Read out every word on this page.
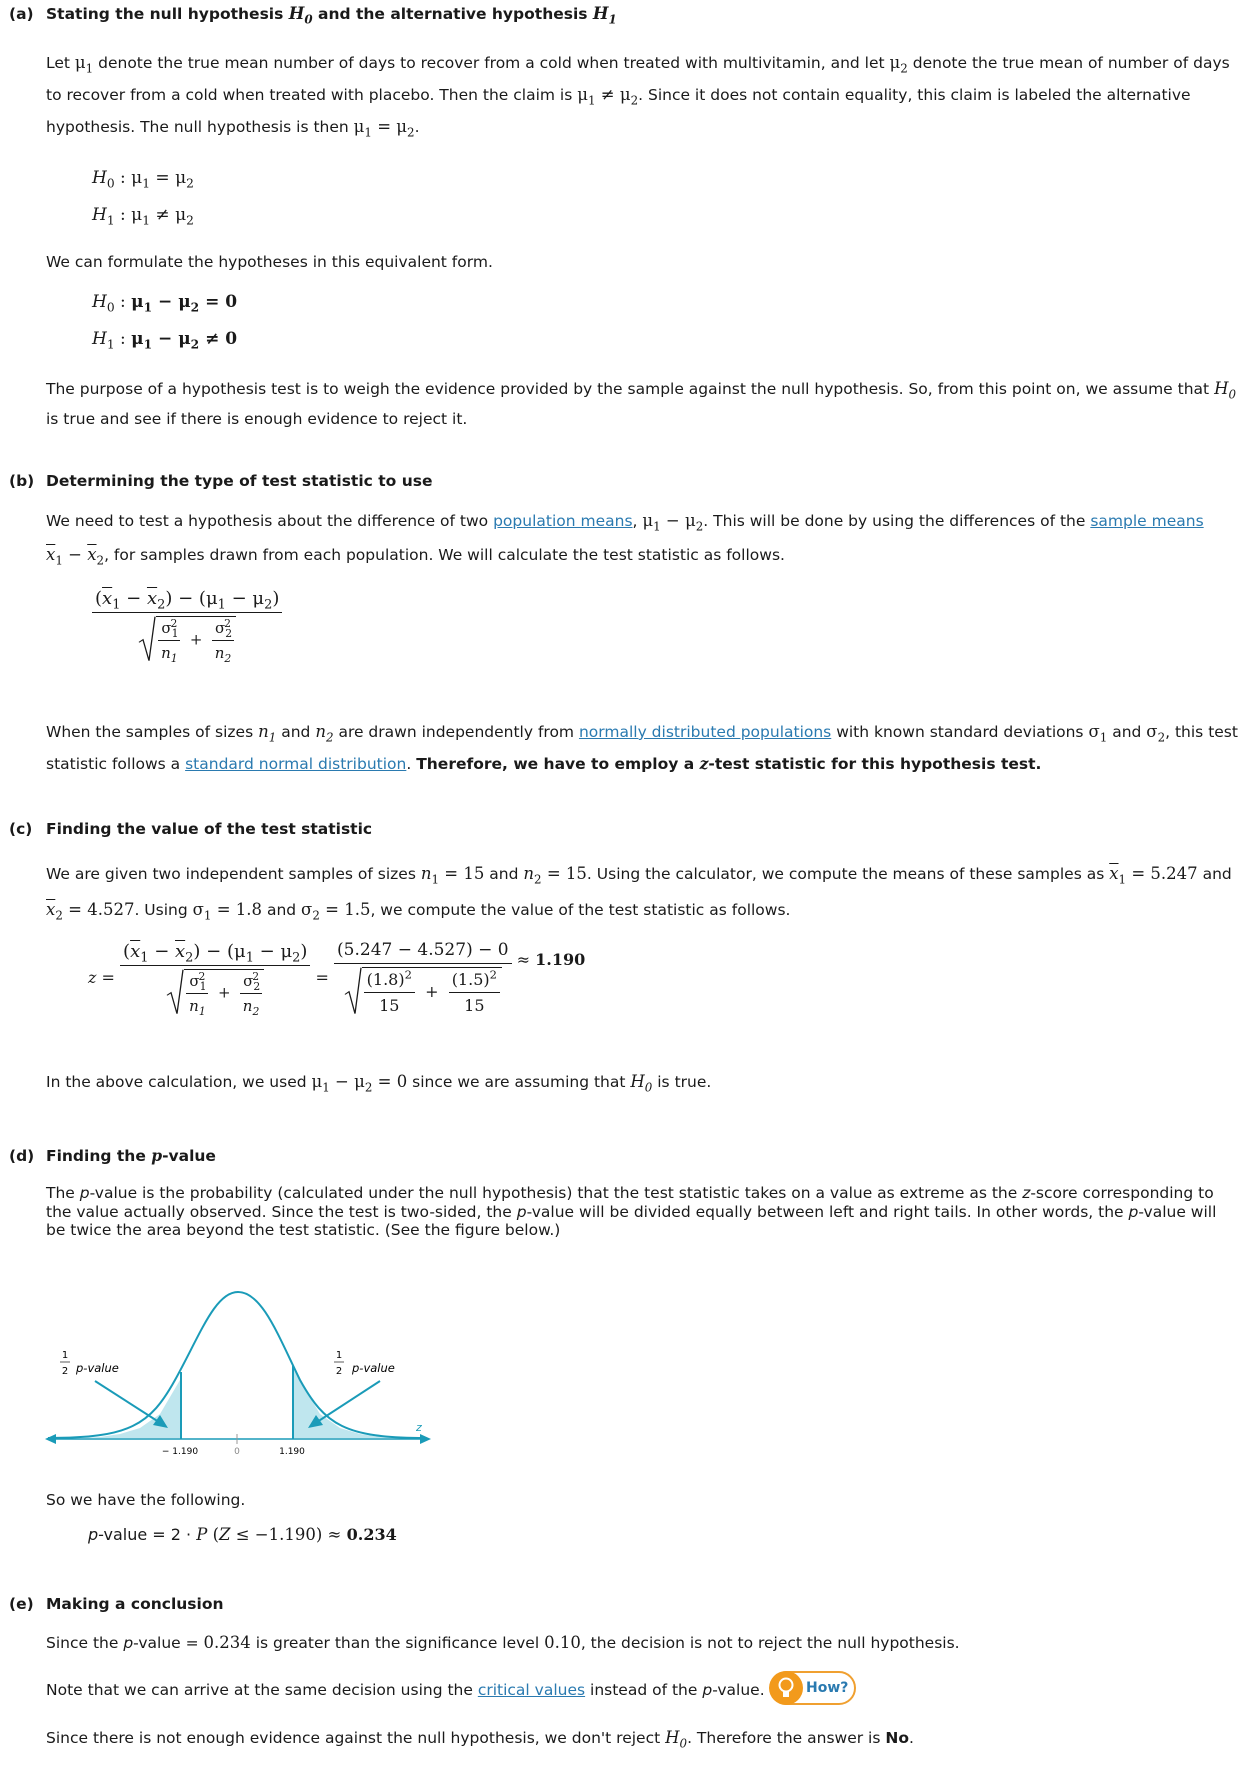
(a) Stating the null hypothesis $H_0$ and the alternative hypothesis $H_1$
Let $\mu_1$ denote the true mean number of days to recover from a cold when treated with multivitamin, and let $\mu_2$ denote the true mean of number of days to recover from a cold when treated with placebo. Then the claim is $\mu_1 \ne \mu_2$. Since it does not contain equality, this claim is labeled the alternative hypothesis. The null hypothesis is then $\mu_1 = \mu_2$.
$H_0$ : $\mu_1 = \mu_2$
$H_1$ : $\mu_1 \ne \mu_2$
We can formulate the hypotheses in this equivalent form.
$H_0$ : $\mu_1 - \mu_2 = 0$
$H_1$ : $\mu_1 - \mu_2 \ne 0$
The purpose of a hypothesis test is to weigh the evidence provided by the sample against the null hypothesis. So, from this point on, we assume that $H_0$ is true and see if there is enough evidence to reject it.
(b) Determining the type of test statistic to use
We need to test a hypothesis about the difference of two population means, $\mu_1 - \mu_2$. This will be done by using the differences of the sample means
$\overline{x}_1 - \overline{x}_2$, for samples drawn from each population. We will calculate the test statistic as follows.
$\frac{(\overline{x}_1 - \overline{x}_2) - (\mu_1 - \mu_2)}{\frac{\sigma_1^2}{n_1} + \frac{\sigma_2^2}{n_2}}$
When the samples of sizes $n_1$ and $n_2$ are drawn independently from normally distributed populations with known standard deviations $\sigma_1$ and $\sigma_2$, this test statistic follows a standard normal distribution. Therefore, we have to employ a z-test statistic for this hypothesis test.
(c) Finding the value of the test statistic
We are given two independent samples of sizes $n_1 = 15$ and $n_2 = 15$. Using the calculator, we compute the means of these samples as $\overline{x}_1 = 5.247$ and
$\overline{x}_2 = 4.527$. Using $\sigma_1 = 1.8$ and $\sigma_2 = 1.5$, we compute the value of the test statistic as follows.
$z = \frac{(\overline{x}_1 - \overline{x}_2) - (\mu_1 - \mu_2)}{\frac{\sigma_1^2}{n_1} + \frac{\sigma_2^2}{n_2}} = \frac{(5.247 - 4.527) - 0}{\frac{(1.8)^2}{15} + \frac{(1.5)^2}{15}} \approx 1.190$
In the above calculation, we used $\mu_1 - \mu_2 = 0$ since we are assuming that $H_0$ is true.
(d) Finding the p-value
The p-value is the probability (calculated under the null hypothesis) that the test statistic takes on a value as extreme as the z-score corresponding to the value actually observed. Since the test is two-sided, the p-value will be divided equally between left and right tails. In other words, the p-value will be twice the area beyond the test statistic. (See the figure below.)
1
2 p-value
1
2 p-value
− 1.190	0	1.190
z
So we have the following.
p-value = 2 · P (Z ≤ −1.190) ≈ 0.234
(e) Making a conclusion
Since the p-value = 0.234 is greater than the significance level 0.10, the decision is not to reject the null hypothesis.
Note that we can arrive at the same decision using the critical values instead of the p-value.	How?
Since there is not enough evidence against the null hypothesis, we don't reject $H_0$. Therefore the answer is No.
